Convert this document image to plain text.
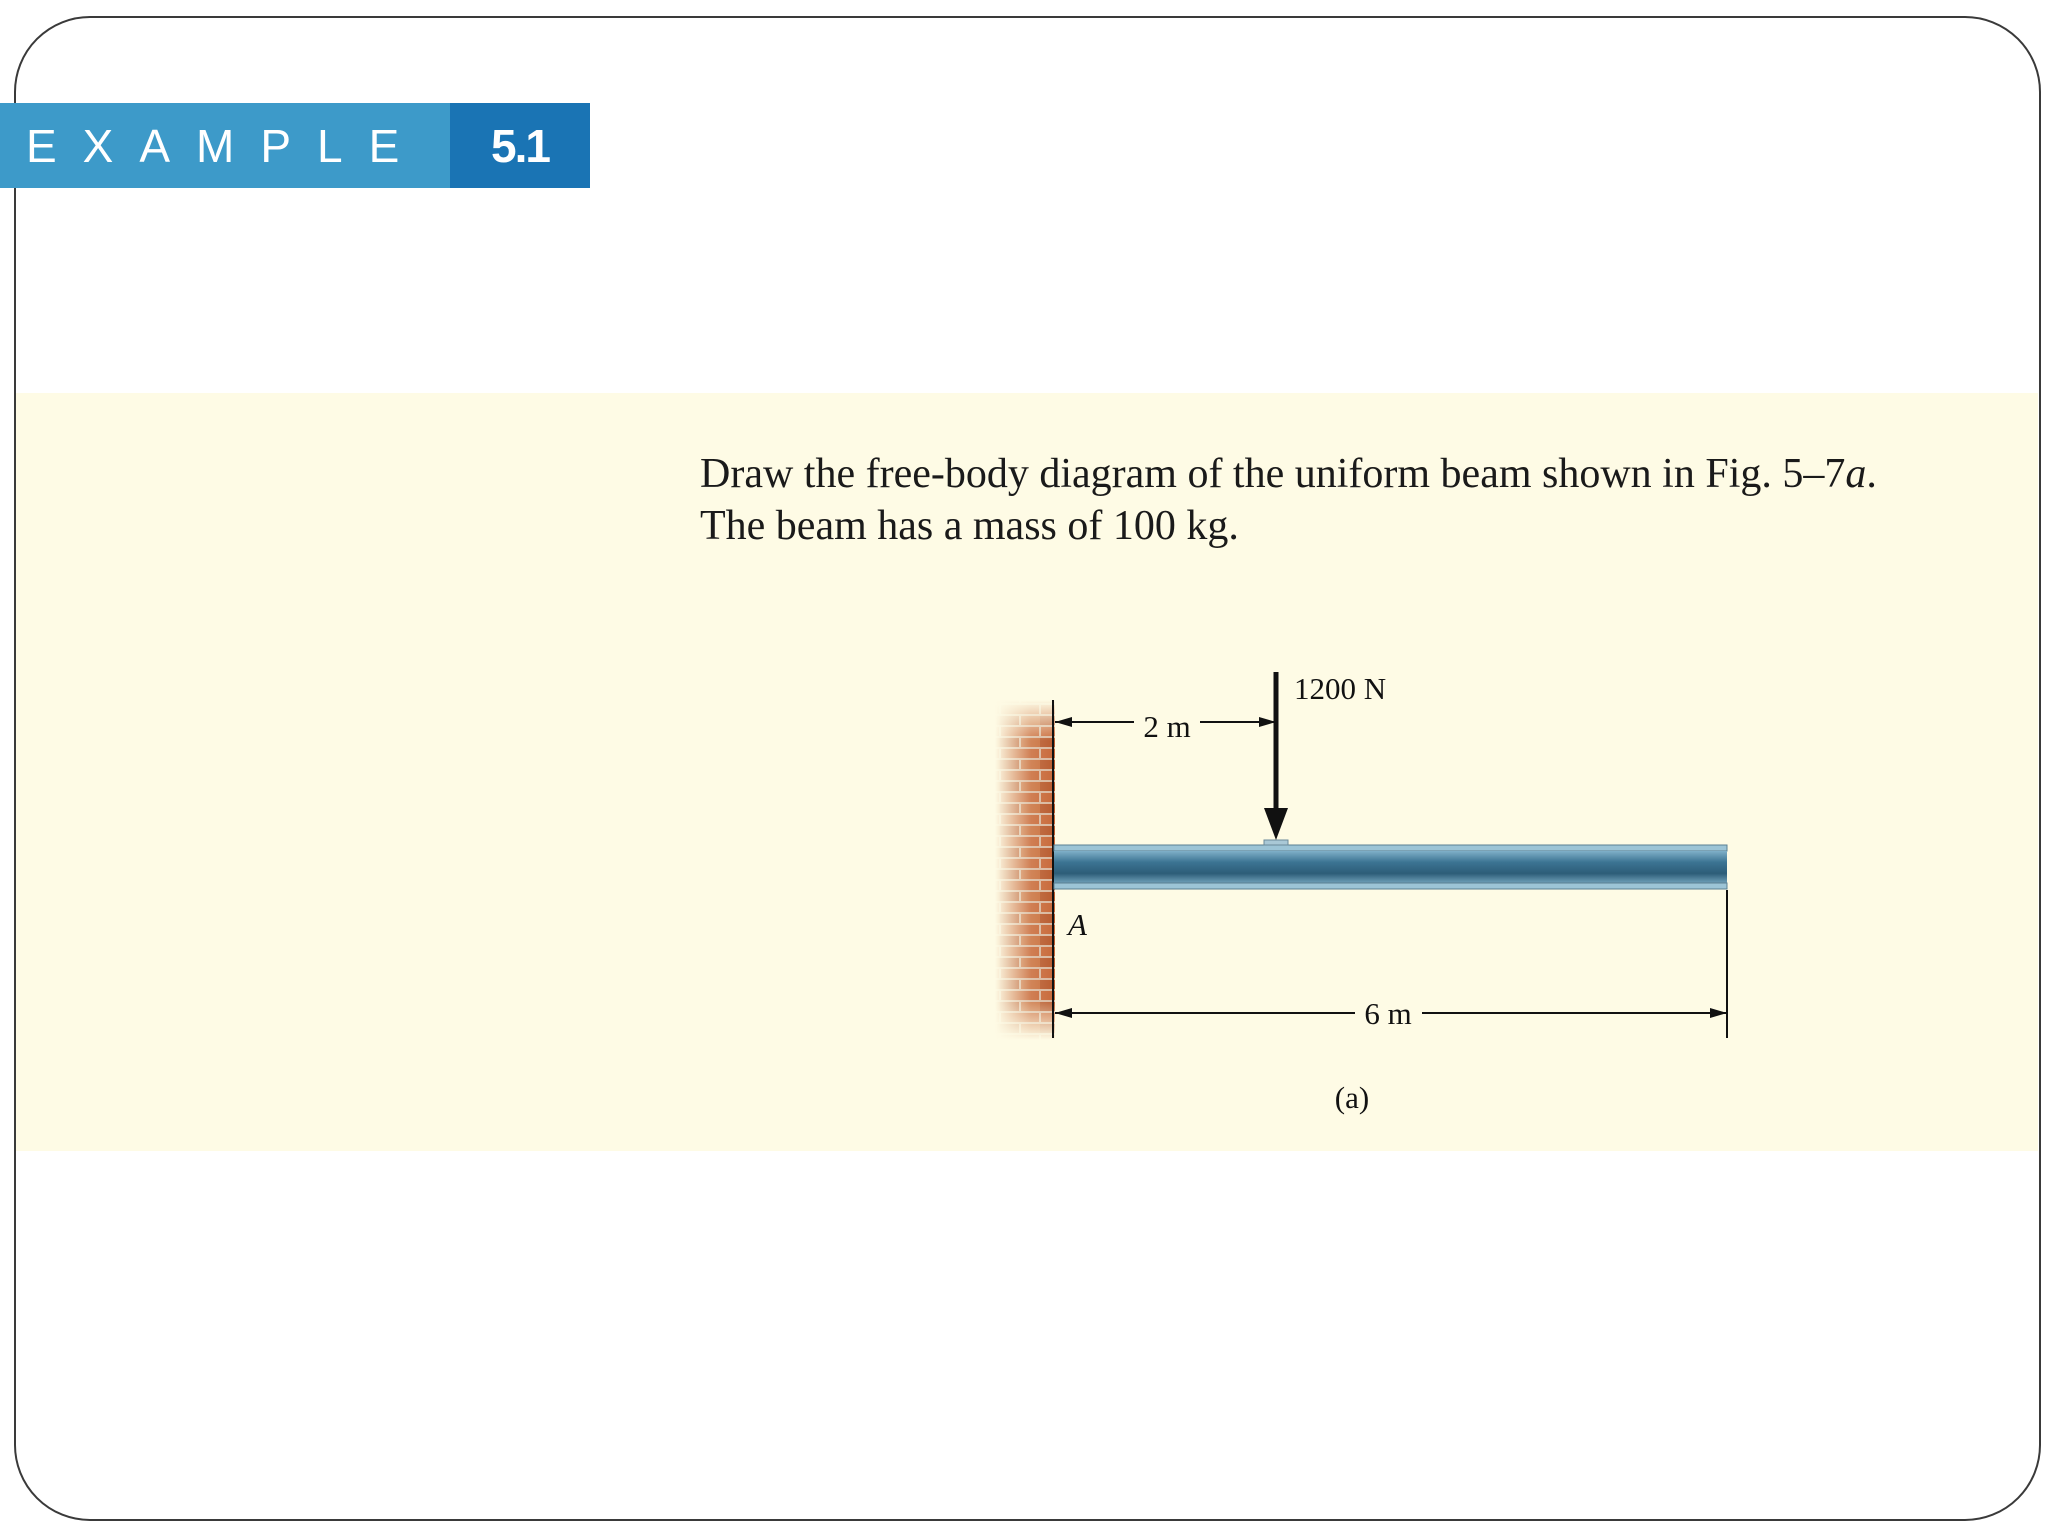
EXAMPLE	5.1

Draw the free-body diagram of the uniform beam shown in Fig. 5–7a.

The beam has a mass of 100 kg.

1200 N
2 m
A
6 m
(a)
